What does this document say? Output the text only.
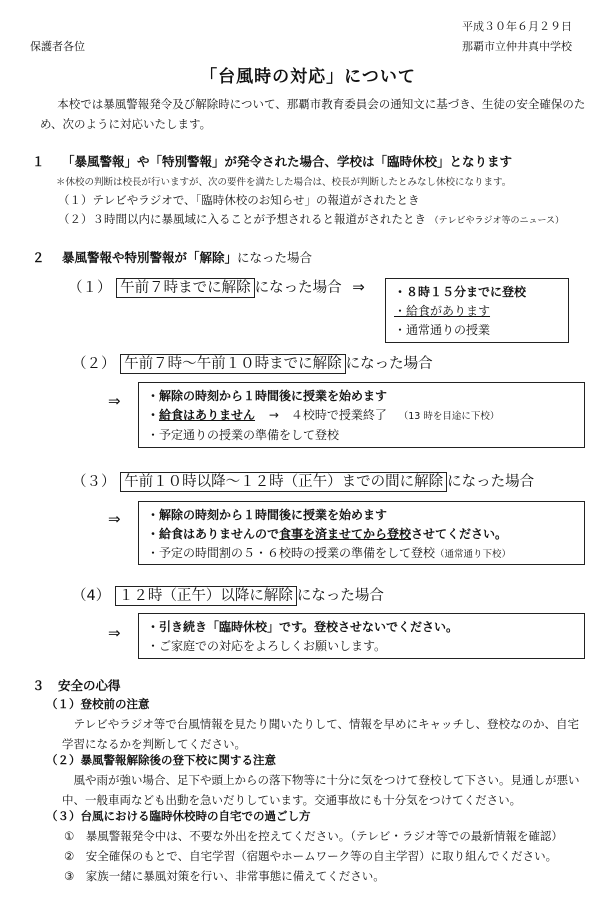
平成３０年６月２９日
保護者各位	那覇市立仲井真中学校
「台風時の対応」について
本校では暴風警報発令及び解除時について、那覇市教育委員会の通知文に基づき、生徒の安全確保のため、次のように対応いたします。
１ 「暴風警報」や「特別警報」が発令された場合、学校は「臨時休校」となります
＊休校の判断は校長が行いますが、次の要件を満たした場合は、校長が判断したとみなし休校になります。
（１）テレビやラジオで、「臨時休校のお知らせ」の報道がされたとき
（２）３時間以内に暴風域に入ることが予想されると報道がされたとき （テレビやラジオ等のニュース）
２ 暴風警報や特別警報が「解除」になった場合
（１） 午前７時までに解除 になった場合 ⇒ ・８時１５分までに登校
・給食があります
・通常通りの授業
（２） 午前７時〜午前１０時までに解除 になった場合
⇒ ・解除の時刻から１時間後に授業を始めます
・給食はありません →　４校時で授業終了 （13 時を目途に下校）
・予定通りの授業の準備をして登校
（３） 午前１０時以降〜１２時（正午）までの間に解除 になった場合
⇒ ・解除の時刻から１時間後に授業を始めます
・給食はありませんので食事を済ませてから登校させてください。
・予定の時間割の５・６校時の授業の準備をして登校（通常通り下校）
（4） １２時（正午）以降に解除 になった場合
⇒ ・引き続き「臨時休校」です。登校させないでください。
・ご家庭での対応をよろしくお願いします。
３ 安全の心得
（１）登校前の注意
テレビやラジオ等で台風情報を見たり聞いたりして、情報を早めにキャッチし、登校なのか、自宅学習になるかを判断してください。
（２）暴風警報解除後の登下校に関する注意
風や雨が強い場合、足下や頭上からの落下物等に十分に気をつけて登校して下さい。見通しが悪い中、一般車両なども出動を急いだりしています。交通事故にも十分気をつけてください。
（３）台風における臨時休校時の自宅での過ごし方
①　暴風警報発令中は、不要な外出を控えてください。（テレビ・ラジオ等での最新情報を確認）
②　安全確保のもとで、自宅学習（宿題やホームワーク等の自主学習）に取り組んでください。
③　家族一緒に暴風対策を行い、非常事態に備えてください。
